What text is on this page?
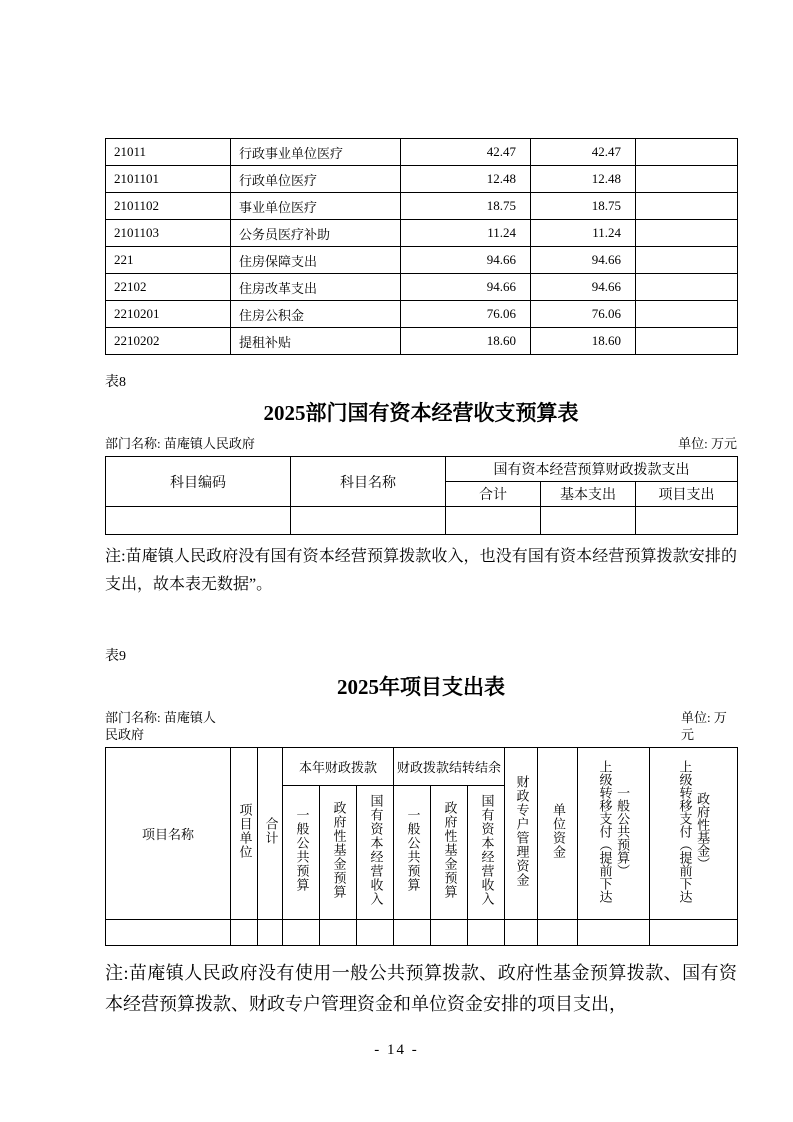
21011	行政事业单位医疗	42.47	42.47	
2101101	行政单位医疗	12.48	12.48	
2101102	事业单位医疗	18.75	18.75	
2101103	公务员医疗补助	11.24	11.24	
221	住房保障支出	94.66	94.66	
22102	住房改革支出	94.66	94.66	
2210201	住房公积金	76.06	76.06	
2210202	提租补贴	18.60	18.60	
表8
2025部门国有资本经营收支预算表
部门名称: 苗庵镇人民政府	单位: 万元
科目编码	科目名称	国有资本经营预算财政拨款支出		
		合计	基本支出	项目支出

注:苗庵镇人民政府没有国有资本经营预算拨款收入，也没有国有资本经营预算拨款安排的支出，故本表无数据”。

表9
2025年项目支出表
部门名称: 苗庵镇人民政府
单位: 万元
项目名称	项目单位	合计	本年财政拨款			财政拨款结转结余			财政专户管理资金	单位资金	上级转移支付（提前下达一般公共预算）	上级转移支付（提前下达政府性基金）
			一般公共预算	政府性基金预算	国有资本经营收入	一般公共预算	政府性基金预算	国有资本经营收入				

注:苗庵镇人民政府没有使用一般公共预算拨款、政府性基金预算拨款、国有资本经营预算拨款、财政专户管理资金和单位资金安排的项目支出，

- 14 -
